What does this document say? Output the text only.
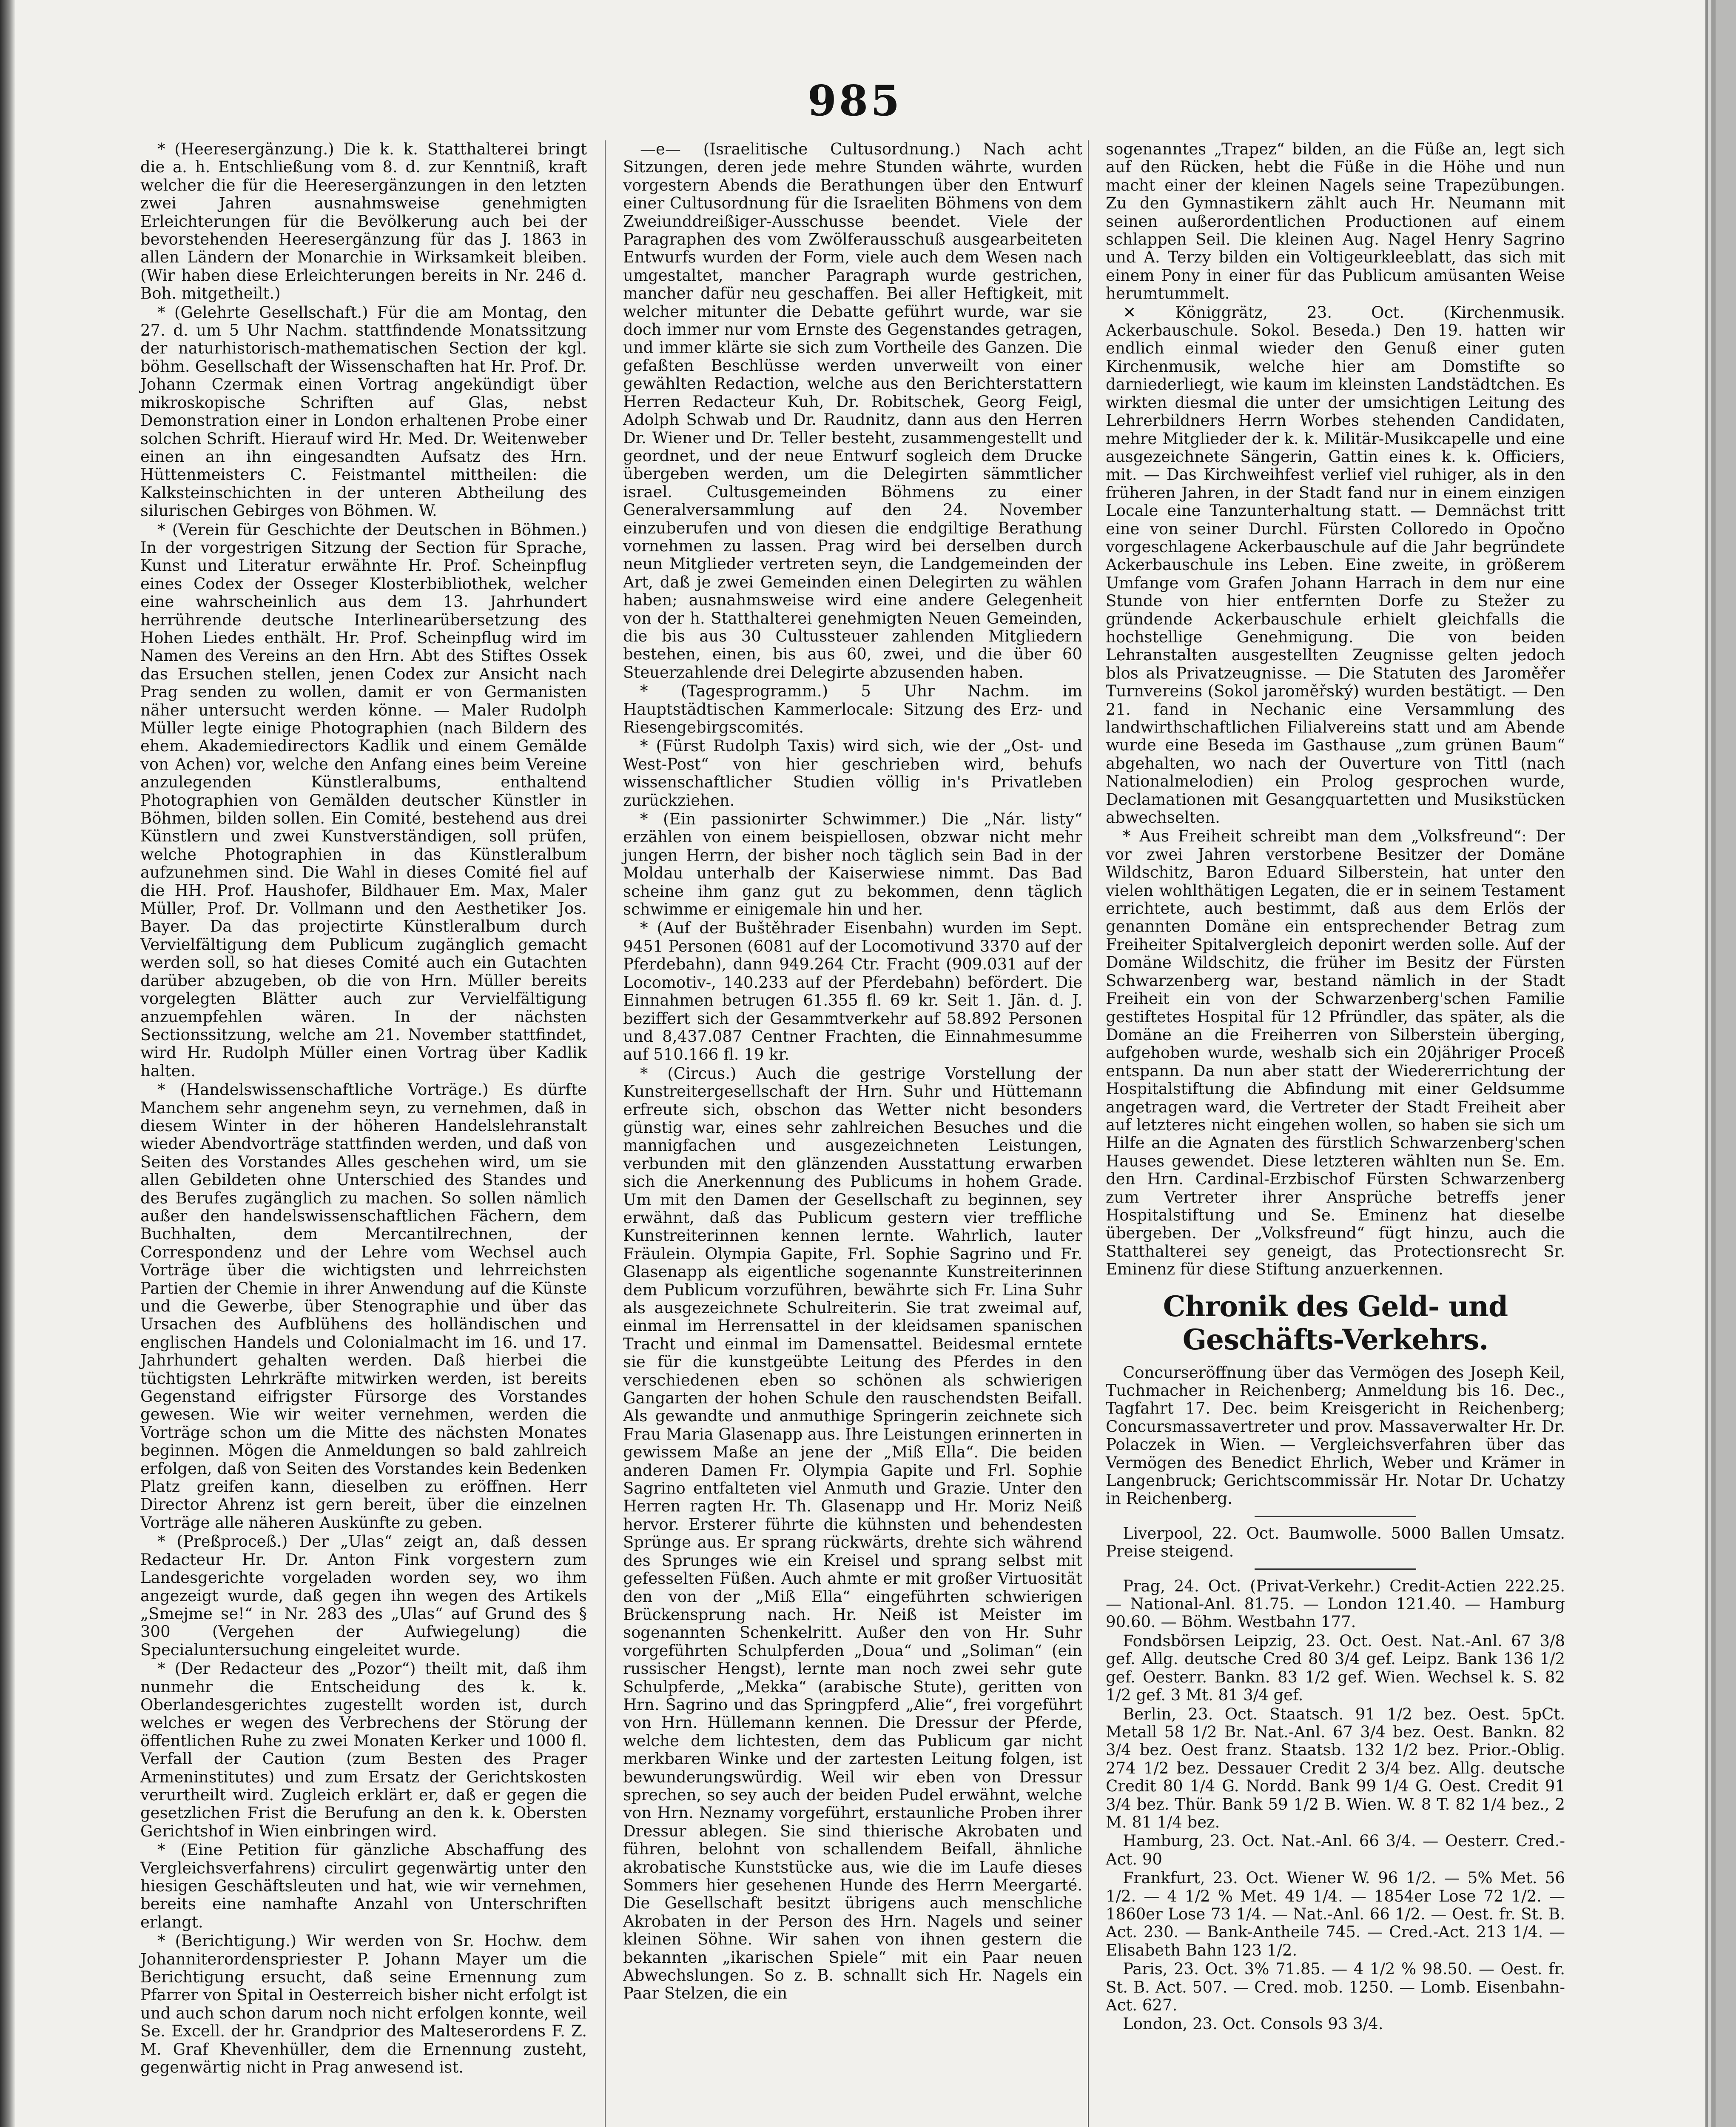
985

* (Heeresergänzung.) Die k. k. Statthalterei bringt die a. h. Entschließung vom 8. d. zur Kenntniß, kraft welcher die für die Heeresergänzungen in den letzten zwei Jahren ausnahmsweise genehmigten Erleichterungen für die Bevölkerung auch bei der bevorstehenden Heeresergänzung für das J. 1863 in allen Ländern der Monarchie in Wirksamkeit bleiben. (Wir haben diese Erleichterungen bereits in Nr. 246 d. Boh. mitgetheilt.)

* (Gelehrte Gesellschaft.) Für die am Montag, den 27. d. um 5 Uhr Nachm. stattfindende Monatssitzung der naturhistorisch-mathematischen Section der kgl. böhm. Gesellschaft der Wissenschaften hat Hr. Prof. Dr. Johann Czermak einen Vortrag angekündigt über mikroskopische Schriften auf Glas, nebst Demonstration einer in London erhaltenen Probe einer solchen Schrift. Hierauf wird Hr. Med. Dr. Weitenweber einen an ihn eingesandten Aufsatz des Hrn. Hüttenmeisters C. Feistmantel mittheilen: die Kalksteinschichten in der unteren Abtheilung des silurischen Gebirges von Böhmen. W.

* (Verein für Geschichte der Deutschen in Böhmen.) In der vorgestrigen Sitzung der Section für Sprache, Kunst und Literatur erwähnte Hr. Prof. Scheinpflug eines Codex der Osseger Klosterbibliothek, welcher eine wahrscheinlich aus dem 13. Jahrhundert herrührende deutsche Interlinearübersetzung des Hohen Liedes enthält. Hr. Prof. Scheinpflug wird im Namen des Vereins an den Hrn. Abt des Stiftes Ossek das Ersuchen stellen, jenen Codex zur Ansicht nach Prag senden zu wollen, damit er von Germanisten näher untersucht werden könne. — Maler Rudolph Müller legte einige Photographien (nach Bildern des ehem. Akademiedirectors Kadlik und einem Gemälde von Achen) vor, welche den Anfang eines beim Vereine anzulegenden Künstleralbums, enthaltend Photographien von Gemälden deutscher Künstler in Böhmen, bilden sollen. Ein Comité, bestehend aus drei Künstlern und zwei Kunstverständigen, soll prüfen, welche Photographien in das Künstleralbum aufzunehmen sind. Die Wahl in dieses Comité fiel auf die HH. Prof. Haushofer, Bildhauer Em. Max, Maler Müller, Prof. Dr. Vollmann und den Aesthetiker Jos. Bayer. Da das projectirte Künstleralbum durch Vervielfältigung dem Publicum zugänglich gemacht werden soll, so hat dieses Comité auch ein Gutachten darüber abzugeben, ob die von Hrn. Müller bereits vorgelegten Blätter auch zur Vervielfältigung anzuempfehlen wären. In der nächsten Sectionssitzung, welche am 21. November stattfindet, wird Hr. Rudolph Müller einen Vortrag über Kadlik halten.

* (Handelswissenschaftliche Vorträge.) Es dürfte Manchem sehr angenehm seyn, zu vernehmen, daß in diesem Winter in der höheren Handelslehranstalt wieder Abendvorträge stattfinden werden, und daß von Seiten des Vorstandes Alles geschehen wird, um sie allen Gebildeten ohne Unterschied des Standes und des Berufes zugänglich zu machen. So sollen nämlich außer den handelswissenschaftlichen Fächern, dem Buchhalten, dem Mercantilrechnen, der Correspondenz und der Lehre vom Wechsel auch Vorträge über die wichtigsten und lehrreichsten Partien der Chemie in ihrer Anwendung auf die Künste und die Gewerbe, über Stenographie und über das Ursachen des Aufblühens des holländischen und englischen Handels und Colonialmacht im 16. und 17. Jahrhundert gehalten werden. Daß hierbei die tüchtigsten Lehrkräfte mitwirken werden, ist bereits Gegenstand eifrigster Fürsorge des Vorstandes gewesen. Wie wir weiter vernehmen, werden die Vorträge schon um die Mitte des nächsten Monates beginnen. Mögen die Anmeldungen so bald zahlreich erfolgen, daß von Seiten des Vorstandes kein Bedenken Platz greifen kann, dieselben zu eröffnen. Herr Director Ahrenz ist gern bereit, über die einzelnen Vorträge alle näheren Auskünfte zu geben.

* (Preßproceß.) Der „Ulas“ zeigt an, daß dessen Redacteur Hr. Dr. Anton Fink vorgestern zum Landesgerichte vorgeladen worden sey, wo ihm angezeigt wurde, daß gegen ihn wegen des Artikels „Smejme se!“ in Nr. 283 des „Ulas“ auf Grund des § 300 (Vergehen der Aufwiegelung) die Specialuntersuchung eingeleitet wurde.

* (Der Redacteur des „Pozor“) theilt mit, daß ihm nunmehr die Entscheidung des k. k. Oberlandesgerichtes zugestellt worden ist, durch welches er wegen des Verbrechens der Störung der öffentlichen Ruhe zu zwei Monaten Kerker und 1000 fl. Verfall der Caution (zum Besten des Prager Armeninstitutes) und zum Ersatz der Gerichtskosten verurtheilt wird. Zugleich erklärt er, daß er gegen die gesetzlichen Frist die Berufung an den k. k. Obersten Gerichtshof in Wien einbringen wird.

* (Eine Petition für gänzliche Abschaffung des Vergleichsverfahrens) circulirt gegenwärtig unter den hiesigen Geschäftsleuten und hat, wie wir vernehmen, bereits eine namhafte Anzahl von Unterschriften erlangt.

* (Berichtigung.) Wir werden von Sr. Hochw. dem Johanniterordenspriester P. Johann Mayer um die Berichtigung ersucht, daß seine Ernennung zum Pfarrer von Spital in Oesterreich bisher nicht erfolgt ist und auch schon darum noch nicht erfolgen konnte, weil Se. Excell. der hr. Grandprior des Malteserordens F. Z. M. Graf Khevenhüller, dem die Ernennung zusteht, gegenwärtig nicht in Prag anwesend ist.

—e— (Israelitische Cultusordnung.) Nach acht Sitzungen, deren jede mehre Stunden währte, wurden vorgestern Abends die Berathungen über den Entwurf einer Cultusordnung für die Israeliten Böhmens von dem Zweiunddreißiger-Ausschusse beendet. Viele der Paragraphen des vom Zwölferausschuß ausgearbeiteten Entwurfs wurden der Form, viele auch dem Wesen nach umgestaltet, mancher Paragraph wurde gestrichen, mancher dafür neu geschaffen. Bei aller Heftigkeit, mit welcher mitunter die Debatte geführt wurde, war sie doch immer nur vom Ernste des Gegenstandes getragen, und immer klärte sie sich zum Vortheile des Ganzen. Die gefaßten Beschlüsse werden unverweilt von einer gewählten Redaction, welche aus den Berichterstattern Herren Redacteur Kuh, Dr. Robitschek, Georg Feigl, Adolph Schwab und Dr. Raudnitz, dann aus den Herren Dr. Wiener und Dr. Teller besteht, zusammengestellt und geordnet, und der neue Entwurf sogleich dem Drucke übergeben werden, um die Delegirten sämmtlicher israel. Cultusgemeinden Böhmens zu einer Generalversammlung auf den 24. November einzuberufen und von diesen die endgiltige Berathung vornehmen zu lassen. Prag wird bei derselben durch neun Mitglieder vertreten seyn, die Landgemeinden der Art, daß je zwei Gemeinden einen Delegirten zu wählen haben; ausnahmsweise wird eine andere Gelegenheit von der h. Statthalterei genehmigten Neuen Gemeinden, die bis aus 30 Cultussteuer zahlenden Mitgliedern bestehen, einen, bis aus 60, zwei, und die über 60 Steuerzahlende drei Delegirte abzusenden haben.

* (Tagesprogramm.) 5 Uhr Nachm. im Hauptstädtischen Kammerlocale: Sitzung des Erz- und Riesengebirgscomités.

* (Fürst Rudolph Taxis) wird sich, wie der „Ost- und West-Post“ von hier geschrieben wird, behufs wissenschaftlicher Studien völlig in's Privatleben zurückziehen.

* (Ein passionirter Schwimmer.) Die „Nár. listy“ erzählen von einem beispiellosen, obzwar nicht mehr jungen Herrn, der bisher noch täglich sein Bad in der Moldau unterhalb der Kaiserwiese nimmt. Das Bad scheine ihm ganz gut zu bekommen, denn täglich schwimme er einigemale hin und her.

* (Auf der Buštěhrader Eisenbahn) wurden im Sept. 9451 Personen (6081 auf der Locomotivund 3370 auf der Pferdebahn), dann 949.264 Ctr. Fracht (909.031 auf der Locomotiv-, 140.233 auf der Pferdebahn) befördert. Die Einnahmen betrugen 61.355 fl. 69 kr. Seit 1. Jän. d. J. beziffert sich der Gesammtverkehr auf 58.892 Personen und 8,437.087 Centner Frachten, die Einnahmesumme auf 510.166 fl. 19 kr.

* (Circus.) Auch die gestrige Vorstellung der Kunstreitergesellschaft der Hrn. Suhr und Hüttemann erfreute sich, obschon das Wetter nicht besonders günstig war, eines sehr zahlreichen Besuches und die mannigfachen und ausgezeichneten Leistungen, verbunden mit den glänzenden Ausstattung erwarben sich die Anerkennung des Publicums in hohem Grade. Um mit den Damen der Gesellschaft zu beginnen, sey erwähnt, daß das Publicum gestern vier treffliche Kunstreiterinnen kennen lernte. Wahrlich, lauter Fräulein. Olympia Gapite, Frl. Sophie Sagrino und Fr. Glasenapp als eigentliche sogenannte Kunstreiterinnen dem Publicum vorzuführen, bewährte sich Fr. Lina Suhr als ausgezeichnete Schulreiterin. Sie trat zweimal auf, einmal im Herrensattel in der kleidsamen spanischen Tracht und einmal im Damensattel. Beidesmal erntete sie für die kunstgeübte Leitung des Pferdes in den verschiedenen eben so schönen als schwierigen Gangarten der hohen Schule den rauschendsten Beifall. Als gewandte und anmuthige Springerin zeichnete sich Frau Maria Glasenapp aus. Ihre Leistungen erinnerten in gewissem Maße an jene der „Miß Ella“. Die beiden anderen Damen Fr. Olympia Gapite und Frl. Sophie Sagrino entfalteten viel Anmuth und Grazie. Unter den Herren ragten Hr. Th. Glasenapp und Hr. Moriz Neiß hervor. Ersterer führte die kühnsten und behendesten Sprünge aus. Er sprang rückwärts, drehte sich während des Sprunges wie ein Kreisel und sprang selbst mit gefesselten Füßen. Auch ahmte er mit großer Virtuosität den von der „Miß Ella“ eingeführten schwierigen Brückensprung nach. Hr. Neiß ist Meister im sogenannten Schenkelritt. Außer den von Hr. Suhr vorgeführten Schulpferden „Doua“ und „Soliman“ (ein russischer Hengst), lernte man noch zwei sehr gute Schulpferde, „Mekka“ (arabische Stute), geritten von Hrn. Sagrino und das Springpferd „Alie“, frei vorgeführt von Hrn. Hüllemann kennen. Die Dressur der Pferde, welche dem lichtesten, dem das Publicum gar nicht merkbaren Winke und der zartesten Leitung folgen, ist bewunderungswürdig. Weil wir eben von Dressur sprechen, so sey auch der beiden Pudel erwähnt, welche von Hrn. Neznamy vorgeführt, erstaunliche Proben ihrer Dressur ablegen. Sie sind thierische Akrobaten und führen, belohnt von schallendem Beifall, ähnliche akrobatische Kunststücke aus, wie die im Laufe dieses Sommers hier gesehenen Hunde des Herrn Meergarté. Die Gesellschaft besitzt übrigens auch menschliche Akrobaten in der Person des Hrn. Nagels und seiner kleinen Söhne. Wir sahen von ihnen gestern die bekannten „ikarischen Spiele“ mit ein Paar neuen Abwechslungen. So z. B. schnallt sich Hr. Nagels ein Paar Stelzen, die ein

sogenanntes „Trapez“ bilden, an die Füße an, legt sich auf den Rücken, hebt die Füße in die Höhe und nun macht einer der kleinen Nagels seine Trapezübungen. Zu den Gymnastikern zählt auch Hr. Neumann mit seinen außerordentlichen Productionen auf einem schlappen Seil. Die kleinen Aug. Nagel Henry Sagrino und A. Terzy bilden ein Voltigeurkleeblatt, das sich mit einem Pony in einer für das Publicum amüsanten Weise herumtummelt.

✕ Königgrätz, 23. Oct. (Kirchenmusik. Ackerbauschule. Sokol. Beseda.) Den 19. hatten wir endlich einmal wieder den Genuß einer guten Kirchenmusik, welche hier am Domstifte so darniederliegt, wie kaum im kleinsten Landstädtchen. Es wirkten diesmal die unter der umsichtigen Leitung des Lehrerbildners Herrn Worbes stehenden Candidaten, mehre Mitglieder der k. k. Militär-Musikcapelle und eine ausgezeichnete Sängerin, Gattin eines k. k. Officiers, mit. — Das Kirchweihfest verlief viel ruhiger, als in den früheren Jahren, in der Stadt fand nur in einem einzigen Locale eine Tanzunterhaltung statt. — Demnächst tritt eine von seiner Durchl. Fürsten Colloredo in Opočno vorgeschlagene Ackerbauschule auf die Jahr begründete Ackerbauschule ins Leben. Eine zweite, in größerem Umfange vom Grafen Johann Harrach in dem nur eine Stunde von hier entfernten Dorfe zu Stežer zu gründende Ackerbauschule erhielt gleichfalls die hochstellige Genehmigung. Die von beiden Lehranstalten ausgestellten Zeugnisse gelten jedoch blos als Privatzeugnisse. — Die Statuten des Jaroměřer Turnvereins (Sokol jaroměřský) wurden bestätigt. — Den 21. fand in Nechanic eine Versammlung des landwirthschaftlichen Filialvereins statt und am Abende wurde eine Beseda im Gasthause „zum grünen Baum“ abgehalten, wo nach der Ouverture von Tittl (nach Nationalmelodien) ein Prolog gesprochen wurde, Declamationen mit Gesangquartetten und Musikstücken abwechselten.

* Aus Freiheit schreibt man dem „Volksfreund“: Der vor zwei Jahren verstorbene Besitzer der Domäne Wildschitz, Baron Eduard Silberstein, hat unter den vielen wohlthätigen Legaten, die er in seinem Testament errichtete, auch bestimmt, daß aus dem Erlös der genannten Domäne ein entsprechender Betrag zum Freiheiter Spitalvergleich deponirt werden solle. Auf der Domäne Wildschitz, die früher im Besitz der Fürsten Schwarzenberg war, bestand nämlich in der Stadt Freiheit ein von der Schwarzenberg'schen Familie gestiftetes Hospital für 12 Pfründler, das später, als die Domäne an die Freiherren von Silberstein überging, aufgehoben wurde, weshalb sich ein 20jähriger Proceß entspann. Da nun aber statt der Wiedererrichtung der Hospitalstiftung die Abfindung mit einer Geldsumme angetragen ward, die Vertreter der Stadt Freiheit aber auf letzteres nicht eingehen wollen, so haben sie sich um Hilfe an die Agnaten des fürstlich Schwarzenberg'schen Hauses gewendet. Diese letzteren wählten nun Se. Em. den Hrn. Cardinal-Erzbischof Fürsten Schwarzenberg zum Vertreter ihrer Ansprüche betreffs jener Hospitalstiftung und Se. Eminenz hat dieselbe übergeben. Der „Volksfreund“ fügt hinzu, auch die Statthalterei sey geneigt, das Protectionsrecht Sr. Eminenz für diese Stiftung anzuerkennen.

Chronik des Geld- und Geschäfts-Verkehrs.

Concurseröffnung über das Vermögen des Joseph Keil, Tuchmacher in Reichenberg; Anmeldung bis 16. Dec., Tagfahrt 17. Dec. beim Kreisgericht in Reichenberg; Concursmassavertreter und prov. Massaverwalter Hr. Dr. Polaczek in Wien. — Vergleichsverfahren über das Vermögen des Benedict Ehrlich, Weber und Krämer in Langenbruck; Gerichtscommissär Hr. Notar Dr. Uchatzy in Reichenberg.

Liverpool, 22. Oct. Baumwolle. 5000 Ballen Umsatz. Preise steigend.

Prag, 24. Oct. (Privat-Verkehr.) Credit-Actien 222.25. — National-Anl. 81.75. — London 121.40. — Hamburg 90.60. — Böhm. Westbahn 177.

Fondsbörsen Leipzig, 23. Oct. Oest. Nat.-Anl. 67 3/8 gef. Allg. deutsche Cred 80 3/4 gef. Leipz. Bank 136 1/2 gef. Oesterr. Bankn. 83 1/2 gef. Wien. Wechsel k. S. 82 1/2 gef. 3 Mt. 81 3/4 gef.

Berlin, 23. Oct. Staatsch. 91 1/2 bez. Oest. 5pCt. Metall 58 1/2 Br. Nat.-Anl. 67 3/4 bez. Oest. Bankn. 82 3/4 bez. Oest franz. Staatsb. 132 1/2 bez. Prior.-Oblig. 274 1/2 bez. Dessauer Credit 2 3/4 bez. Allg. deutsche Credit 80 1/4 G. Nordd. Bank 99 1/4 G. Oest. Credit 91 3/4 bez. Thür. Bank 59 1/2 B. Wien. W. 8 T. 82 1/4 bez., 2 M. 81 1/4 bez.

Hamburg, 23. Oct. Nat.-Anl. 66 3/4. — Oesterr. Cred.-Act. 90

Frankfurt, 23. Oct. Wiener W. 96 1/2. — 5% Met. 56 1/2. — 4 1/2 % Met. 49 1/4. — 1854er Lose 72 1/2. — 1860er Lose 73 1/4. — Nat.-Anl. 66 1/2. — Oest. fr. St. B. Act. 230. — Bank-Antheile 745. — Cred.-Act. 213 1/4. — Elisabeth Bahn 123 1/2.

Paris, 23. Oct. 3% 71.85. — 4 1/2 % 98.50. — Oest. fr. St. B. Act. 507. — Cred. mob. 1250. — Lomb. Eisenbahn-Act. 627.

London, 23. Oct. Consols 93 3/4.
